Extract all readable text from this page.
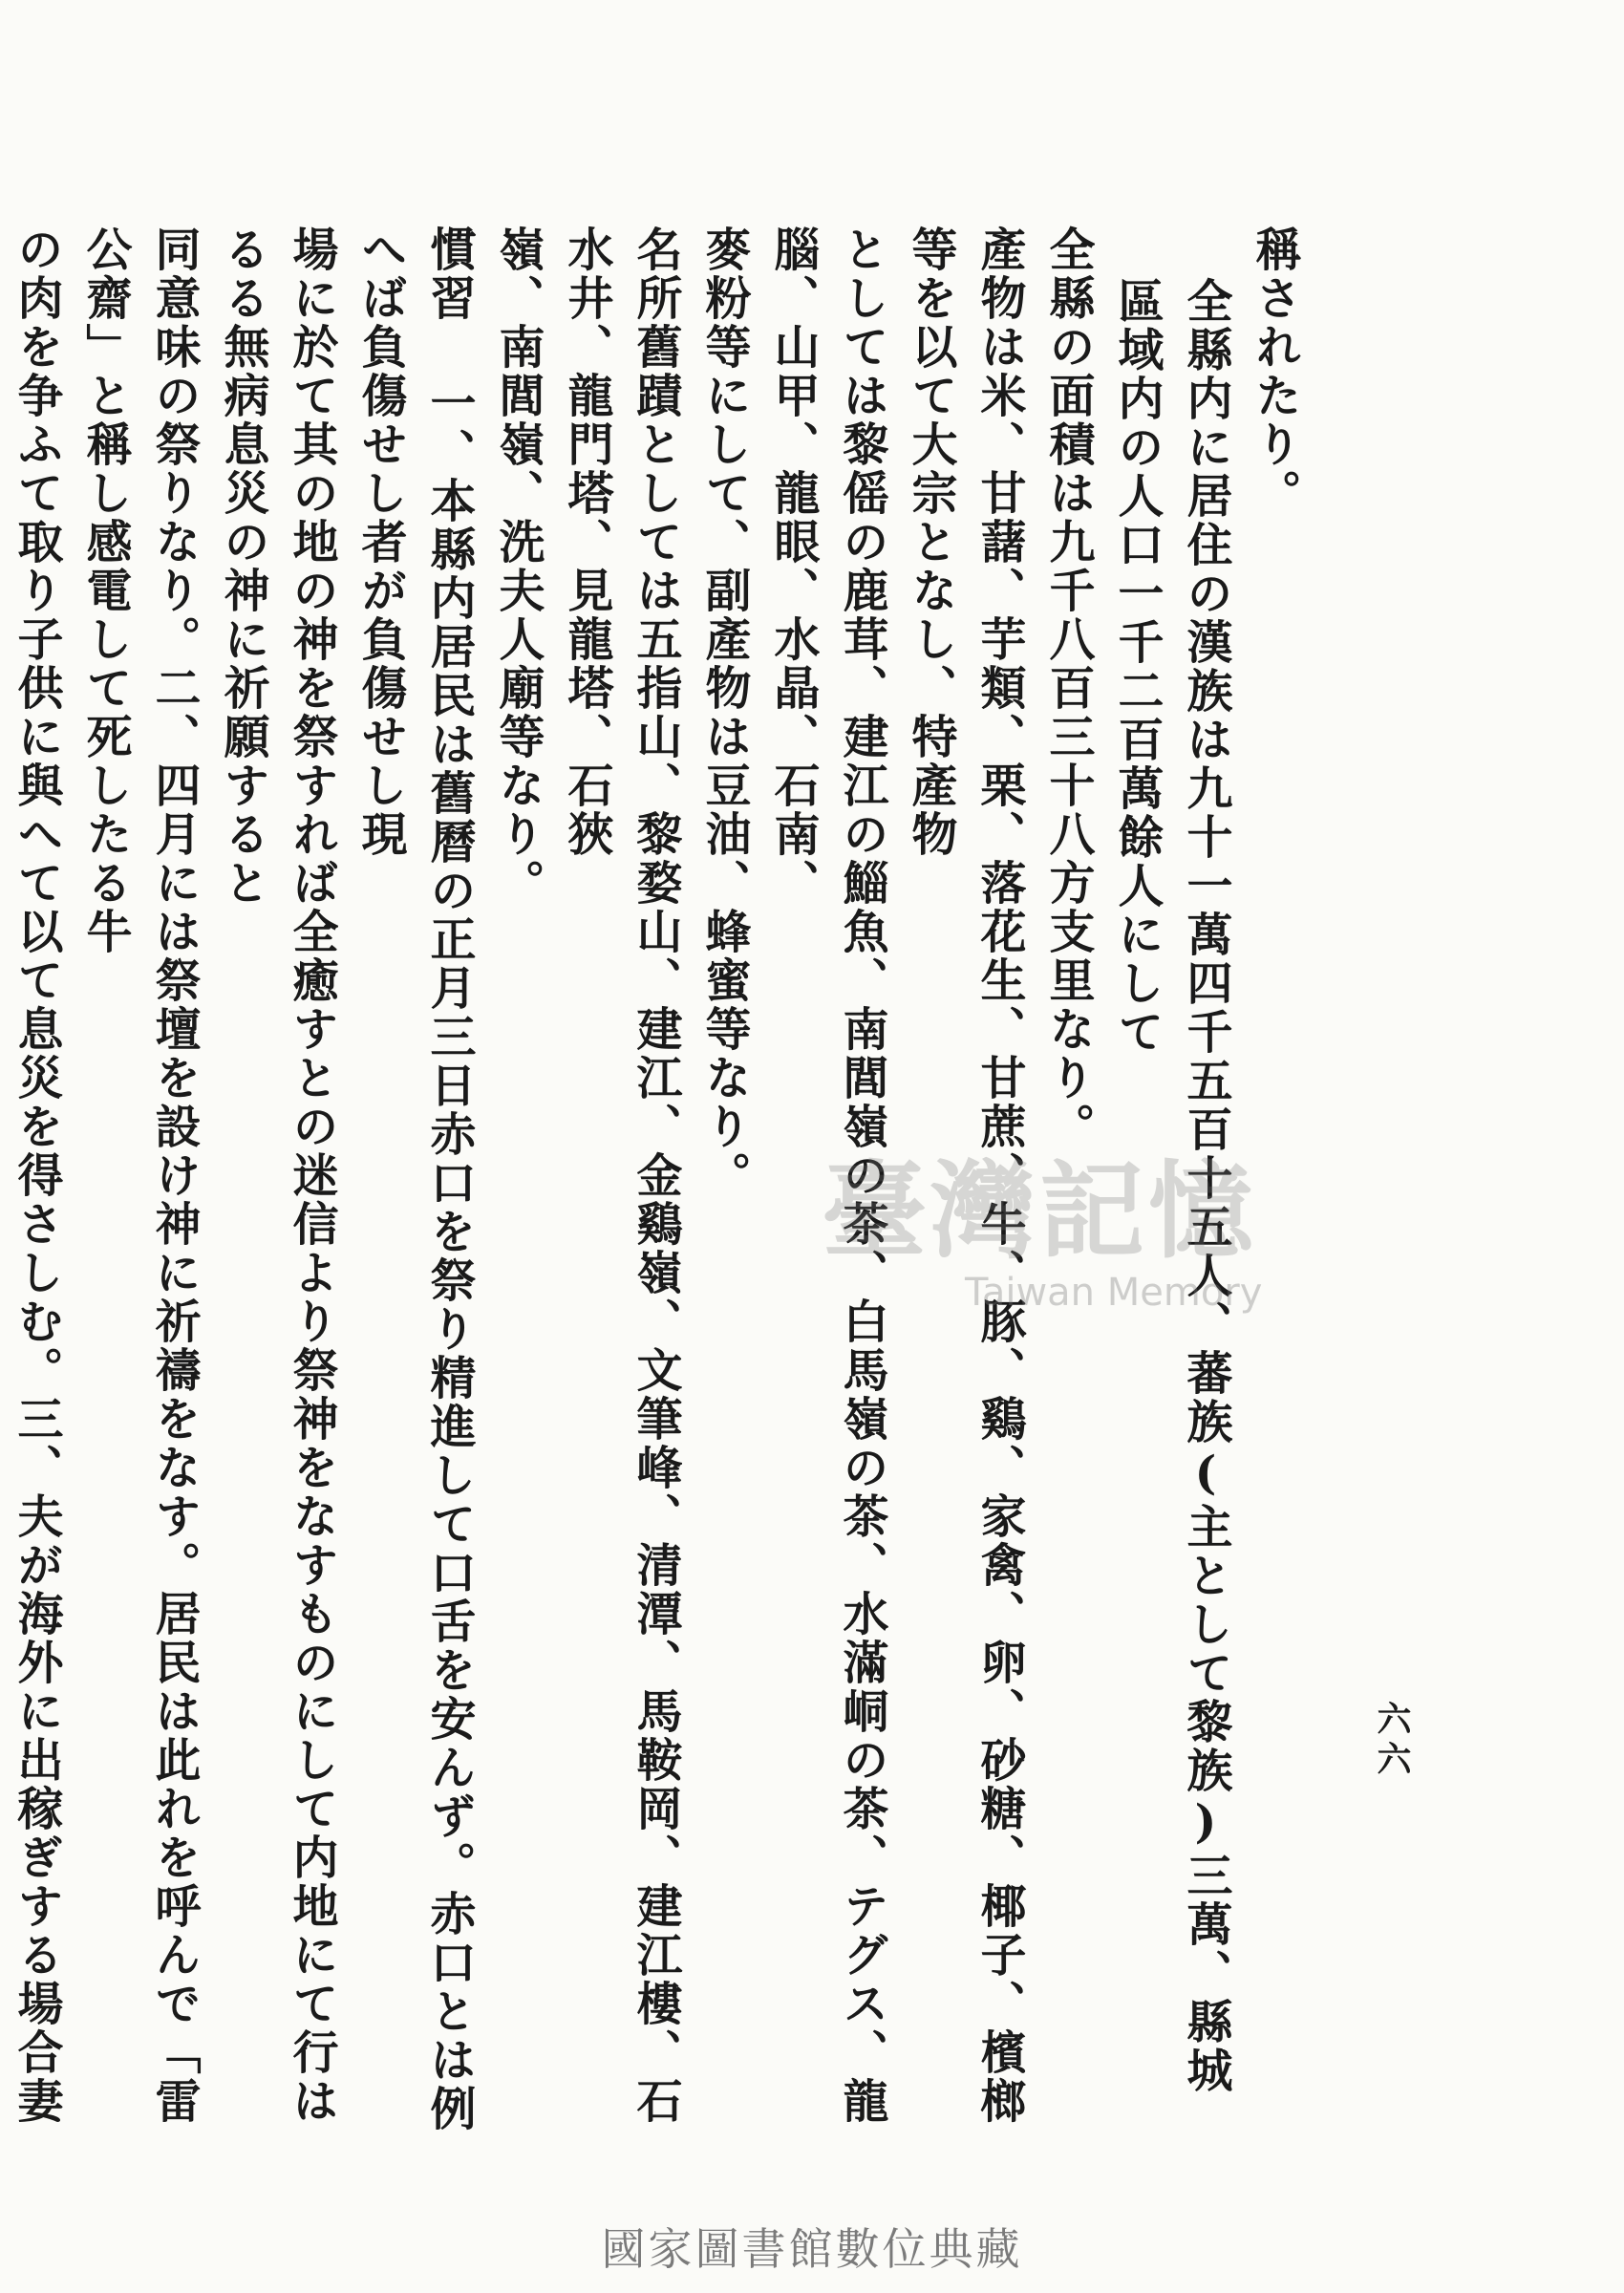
六六

稱されたり。

全縣内に居住の漢族は九十一萬四千五百十五人、蕃族(主として黎族)三萬、縣城區域内の人口一千二百萬餘人にして

全縣の面積は九千八百三十八方支里なり。

產物は米、甘藷、芋類、栗、落花生、甘蔗、牛、豚、鷄、家禽、卵、砂糖、椰子、檳榔等を以て大宗となし、特產物

としては黎傜の鹿茸、建江の鯔魚、南閭嶺の茶、白馬嶺の茶、水滿峒の茶、テグス、龍腦、山甲、龍眼、水晶、石南、

麥粉等にして、副產物は豆油、蜂蜜等なり。

名所舊蹟としては五指山、黎婺山、建江、金鷄嶺、文筆峰、清潭、馬鞍岡、建江樓、石水井、龍門塔、見龍塔、石狹

嶺、南閭嶺、洗夫人廟等なり。

慣習 一、本縣内居民は舊曆の正月三日赤口を祭り精進して口舌を安んず。赤口とは例へば負傷せし者が負傷せし現

場に於て其の地の神を祭すれば全癒すとの迷信より祭神をなすものにして内地にて行はるる無病息災の神に祈願すると

同意味の祭りなり。二、四月には祭壇を設け神に祈禱をなす。居民は此れを呼んで「雷公齋」と稱し感電して死したる牛

の肉を争ふて取り子供に與へて以て息災を得さしむ。三、夫が海外に出稼ぎする場合妻

臺灣記憶
Taiwan Memory
國家圖書館數位典藏
